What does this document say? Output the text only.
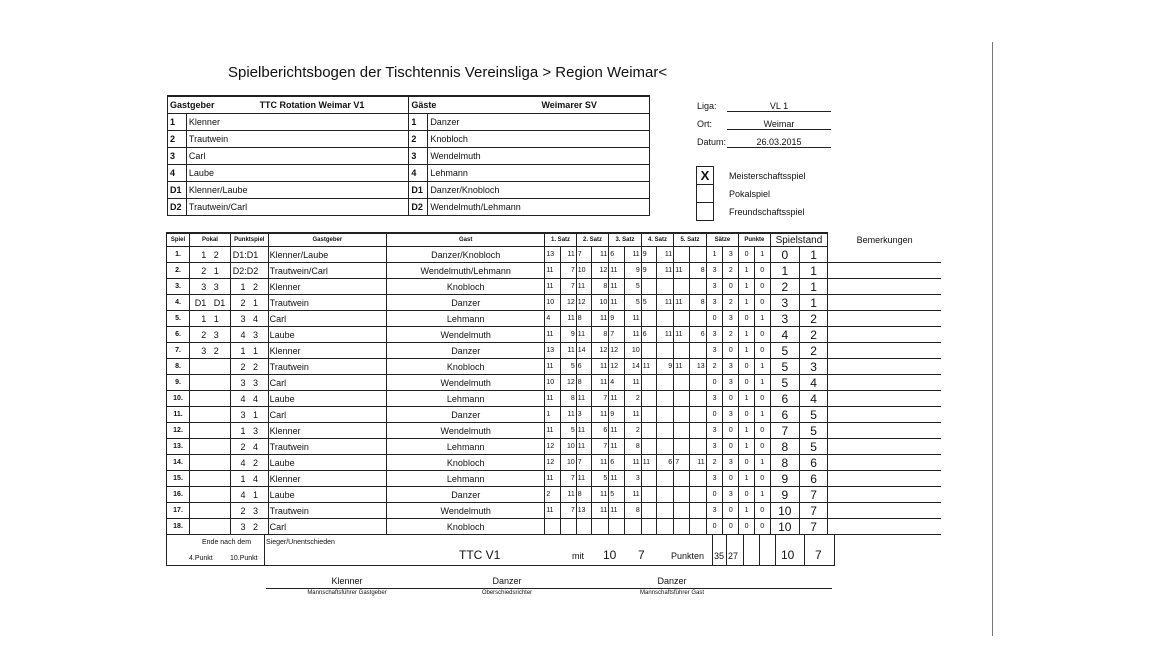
Spielberichtsbogen der Tischtennis Vereinsliga > Region Weimar<
Gastgeber TTC Rotation Weimar V1		Gäste Weimarer SV	
1	Klenner	1	Danzer
2	Trautwein	2	Knobloch
3	Carl	3	Wendelmuth
4	Laube	4	Lehmann
D1	Klenner/Laube	D1	Danzer/Knobloch
D2	Trautwein/Carl	D2	Wendelmuth/Lehmann
Liga:	VL 1
Ort:	Weimar
Datum:	26.03.2015
X	Meisterschaftsspiel
Pokalspiel
Freundschaftsspiel
Spiel	Pokal	Punktspiel	Gastgeber	Gast	1. Satz		2. Satz		3. Satz		4. Satz		5. Satz		Sätze		Punkte		Spielstand		Bemerkungen
1.	1 2	D1:D1	Klenner/Laube	Danzer/Knobloch	13	11	7	11	6	11	9	11			1	3	0	1	0	1	
2.	2 1	D2:D2	Trautwein/Carl	Wendelmuth/Lehmann	11	7	10	12	11	9	9	11	11	8	3	2	1	0	1	1	
3.	3 3	1 2	Klenner	Knobloch	11	7	11	8	11	5					3	0	1	0	2	1	
4.	D1 D1	2 1	Trautwein	Danzer	10	12	12	10	11	5	5	11	11	8	3	2	1	0	3	1	
5.	1 1	3 4	Carl	Lehmann	4	11	8	11	9	11					0	3	0	1	3	2	
6.	2 3	4 3	Laube	Wendelmuth	11	9	11	8	7	11	6	11	11	6	3	2	1	0	4	2	
7.	3 2	1 1	Klenner	Danzer	13	11	14	12	12	10					3	0	1	0	5	2	
8.		2 2	Trautwein	Knobloch	11	5	6	11	12	14	11	9	11	13	2	3	0	1	5	3	
9.		3 3	Carl	Wendelmuth	10	12	8	11	4	11					0	3	0	1	5	4	
10.		4 4	Laube	Lehmann	11	8	11	7	11	2					3	0	1	0	6	4	
11.		3 1	Carl	Danzer	1	11	3	11	9	11					0	3	0	1	6	5	
12.		1 3	Klenner	Wendelmuth	11	5	11	6	11	2					3	0	1	0	7	5	
13.		2 4	Trautwein	Lehmann	12	10	11	7	11	8					3	0	1	0	8	5	
14.		4 2	Laube	Knobloch	12	10	7	11	6	11	11	6	7	11	2	3	0	1	8	6	
15.		1 4	Klenner	Lehmann	11	7	11	5	11	3					3	0	1	0	9	6	
16.		4 1	Laube	Danzer	2	11	8	11	5	11					0	3	0	1	9	7	
17.		2 3	Trautwein	Wendelmuth	11	7	13	11	11	8					3	0	1	0	10	7	
18.		3 2	Carl	Knobloch											0	0	0	0	10	7	
Ende nach dem
4.Punkt 10.Punkt
Sieger/Unentschieden
TTC V1	mit 10 7	Punkten 35 27	10 7
Klenner
Mannschaftsführer Gastgeber
Danzer
Oberschiedsrichter
Danzer
Mannschaftsführer Gast
